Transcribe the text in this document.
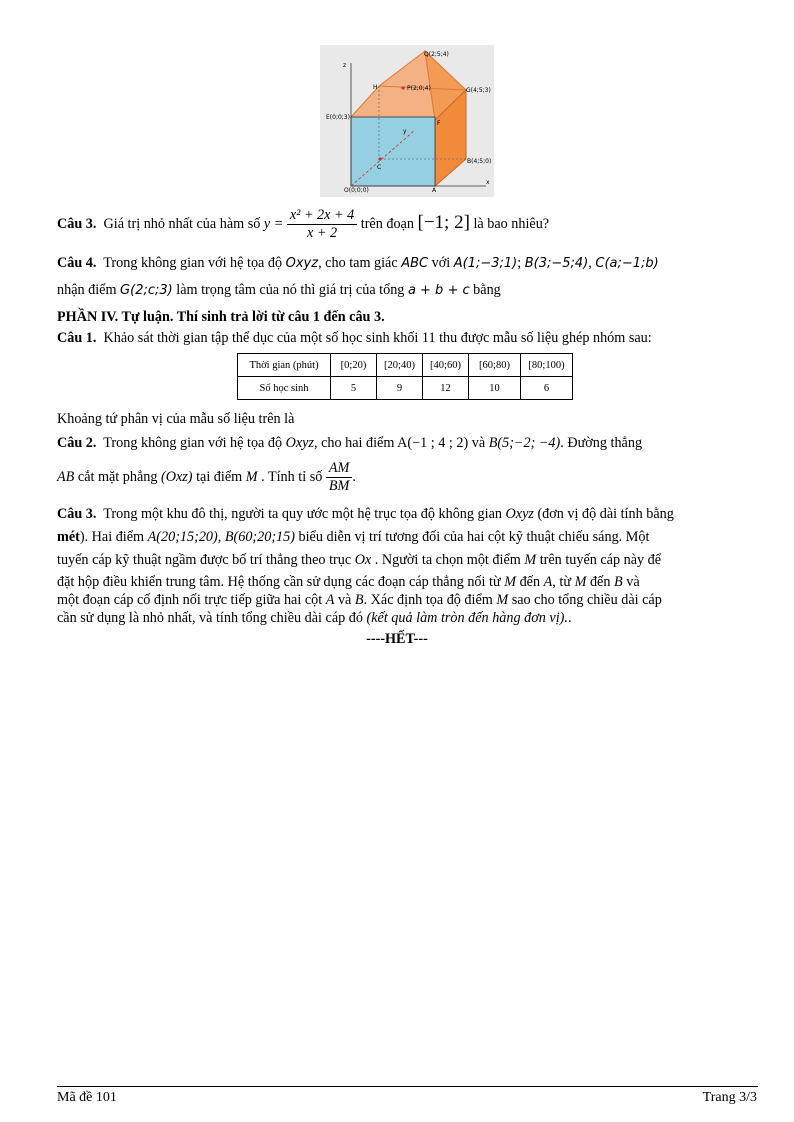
Q(2;5;4)
H	P(2;0;4)	G(4;5;3)
E(0;0;3)
F
B(4;5;0)
C
O(0;0;0)	A
z
x
y
Câu 3. Giá trị nhỏ nhất của hàm số $y = \frac{\text{x² + 2x + 4}}{x + 2}$ trên đoạn [−1; 2] là bao nhiêu?
Câu 4. Trong không gian với hệ tọa độ Oxyz, cho tam giác ABC với A(1;−3;1); B(3;−5;4), C(a;−1;b)
nhận điểm G(2;c;3) làm trọng tâm của nó thì giá trị của tổng a + b + c bằng
PHẦN IV. Tự luận. Thí sinh trả lời từ câu 1 đến câu 3.
Câu 1. Khảo sát thời gian tập thể dục của một số học sinh khối 11 thu được mẫu số liệu ghép nhóm sau:
Thời gian (phút)	[0;20)	[20;40)	[40;60)	[60;80)	[80;100)
Số học sinh	5	9	12	10	6
Khoảng tứ phân vị của mẫu số liệu trên là
Câu 2. Trong không gian với hệ tọa độ Oxyz, cho hai điểm A(−1 ; 4 ; 2) và B(5;−2; −4). Đường thẳng
AB cắt mặt phẳng (Oxz) tại điểm M . Tính tỉ số $\frac{AM}{BM}$ .
Câu 3. Trong một khu đô thị, người ta quy ước một hệ trục tọa độ không gian Oxyz (đơn vị độ dài tính bằng
mét). Hai điểm A(20;15;20), B(60;20;15) biểu diễn vị trí tương đối của hai cột kỹ thuật chiếu sáng. Một
tuyến cáp kỹ thuật ngầm được bố trí thẳng theo trục Ox . Người ta chọn một điểm M trên tuyến cáp này để
đặt hộp điều khiển trung tâm. Hệ thống cần sử dụng các đoạn cáp thẳng nối từ M đến A, từ M đến B và
một đoạn cáp cố định nối trực tiếp giữa hai cột A và B. Xác định tọa độ điểm M sao cho tổng chiều dài cáp
cần sử dụng là nhỏ nhất, và tính tổng chiều dài cáp đó (kết quả làm tròn đến hàng đơn vị)..
----HẾT---
Mã đề 101	Trang 3/3
